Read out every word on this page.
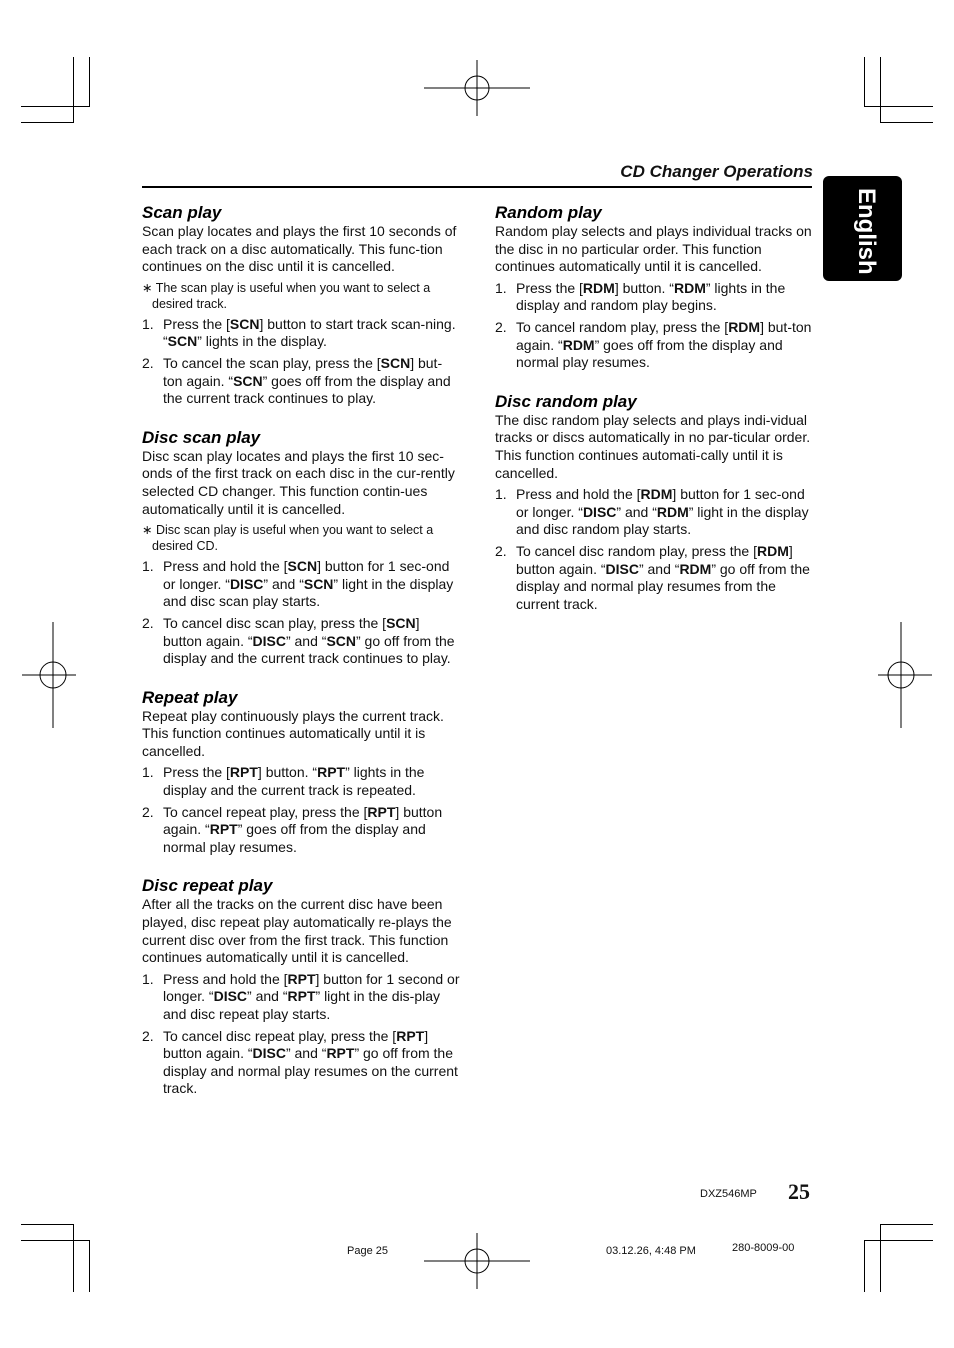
CD Changer Operations
English
Scan play

Scan play locates and plays the first 10 seconds of each track on a disc automatically. This func-tion continues on the disc until it is cancelled.

∗ The scan play is useful when you want to select a desired track.

1. Press the [SCN] button to start track scan-ning. “SCN” lights in the display.
2. To cancel the scan play, press the [SCN] but-ton again. “SCN” goes off from the display and the current track continues to play.
Disc scan play

Disc scan play locates and plays the first 10 sec-onds of the first track on each disc in the cur-rently selected CD changer. This function contin-ues automatically until it is cancelled.

∗ Disc scan play is useful when you want to select a desired CD.

1. Press and hold the [SCN] button for 1 sec-ond or longer. “DISC” and “SCN” light in the display and disc scan play starts.
2. To cancel disc scan play, press the [SCN] button again. “DISC” and “SCN” go off from the display and the current track continues to play.
Repeat play

Repeat play continuously plays the current track. This function continues automatically until it is cancelled.

1. Press the [RPT] button. “RPT” lights in the display and the current track is repeated.
2. To cancel repeat play, press the [RPT] button again. “RPT” goes off from the display and normal play resumes.
Disc repeat play

After all the tracks on the current disc have been played, disc repeat play automatically re-plays the current disc over from the first track. This function continues automatically until it is cancelled.

1. Press and hold the [RPT] button for 1 second or longer. “DISC” and “RPT” light in the dis-play and disc repeat play starts.
2. To cancel disc repeat play, press the [RPT] button again. “DISC” and “RPT” go off from the display and normal play resumes on the current track.
Random play

Random play selects and plays individual tracks on the disc in no particular order. This function continues automatically until it is cancelled.

1. Press the [RDM] button. “RDM” lights in the display and random play begins.
2. To cancel random play, press the [RDM] but-ton again. “RDM” goes off from the display and normal play resumes.
Disc random play

The disc random play selects and plays indi-vidual tracks or discs automatically in no par-ticular order. This function continues automati-cally until it is cancelled.

1. Press and hold the [RDM] button for 1 sec-ond or longer. “DISC” and “RDM” light in the display and disc random play starts.
2. To cancel disc random play, press the [RDM] button again. “DISC” and “RDM” go off from the display and normal play resumes from the current track.
DXZ546MP 25
Page 25	03.12.26, 4:48 PM	280-8009-00
